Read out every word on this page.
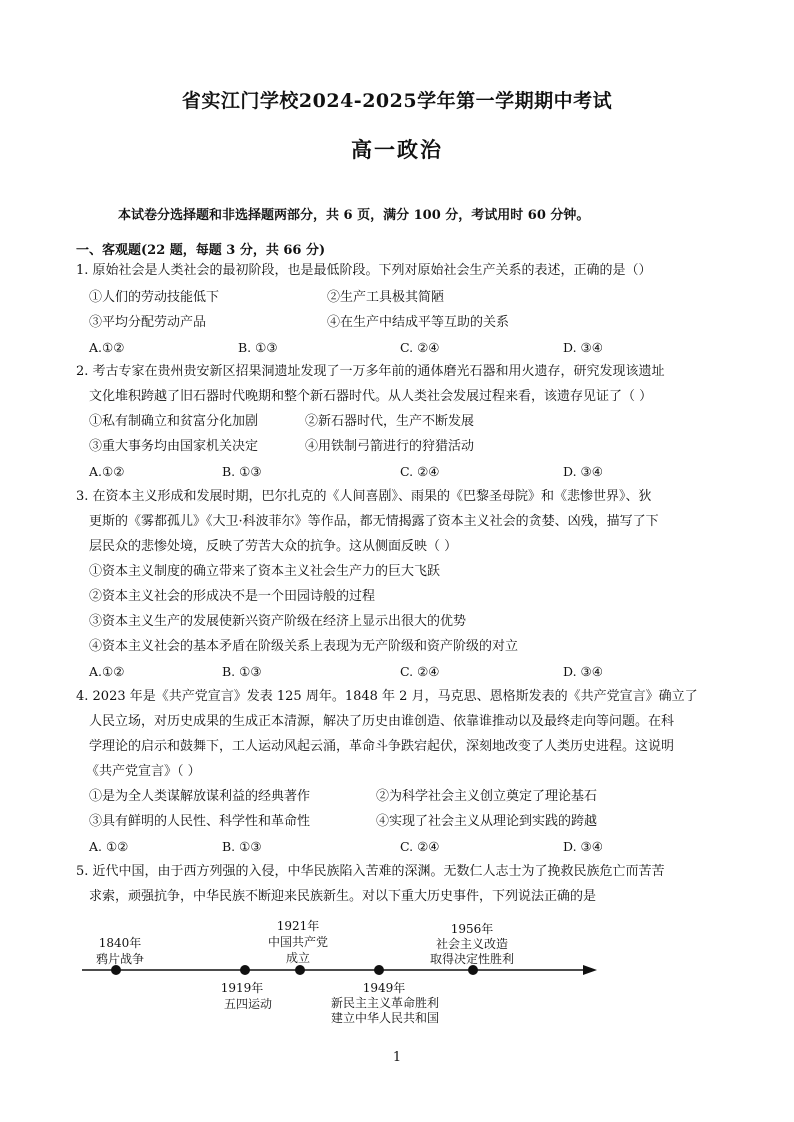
省实江门学校2024-2025学年第一学期期中考试
高一政治
本试卷分选择题和非选择题两部分，共 6 页，满分 100 分，考试用时 60 分钟。
一、客观题(22 题，每题 3 分，共 66 分)
1. 原始社会是人类社会的最初阶段，也是最低阶段。下列对原始社会生产关系的表述，正确的是（）
①人们的劳动技能低下	②生产工具极其简陋
③平均分配劳动产品	④在生产中结成平等互助的关系
A.①②	B. ①③	C. ②④	D. ③④
2. 考古专家在贵州贵安新区招果洞遗址发现了一万多年前的通体磨光石器和用火遗存，研究发现该遗址
文化堆积跨越了旧石器时代晚期和整个新石器时代。从人类社会发展过程来看，该遗存见证了（ ）
①私有制确立和贫富分化加剧	②新石器时代，生产不断发展
③重大事务均由国家机关决定	④用铁制弓箭进行的狩猎活动
A.①②	B. ①③	C. ②④	D. ③④
3. 在资本主义形成和发展时期，巴尔扎克的《人间喜剧》、雨果的《巴黎圣母院》和《悲惨世界》、狄
更斯的《雾都孤儿》《大卫·科波菲尔》等作品，都无情揭露了资本主义社会的贪婪、凶残，描写了下
层民众的悲惨处境，反映了劳苦大众的抗争。这从侧面反映（ ）
①资本主义制度的确立带来了资本主义社会生产力的巨大飞跃
②资本主义社会的形成决不是一个田园诗般的过程
③资本主义生产的发展使新兴资产阶级在经济上显示出很大的优势
④资本主义社会的基本矛盾在阶级关系上表现为无产阶级和资产阶级的对立
A.①②	B. ①③	C. ②④	D. ③④
4. 2023 年是《共产党宣言》发表 125 周年。1848 年 2 月，马克思、恩格斯发表的《共产党宣言》确立了
人民立场，对历史成果的生成正本清源，解决了历史由谁创造、依靠谁推动以及最终走向等问题。在科
学理论的启示和鼓舞下，工人运动风起云涌，革命斗争跌宕起伏，深刻地改变了人类历史进程。这说明
《共产党宣言》（ ）
①是为全人类谋解放谋利益的经典著作	②为科学社会主义创立奠定了理论基石
③具有鲜明的人民性、科学性和革命性	④实现了社会主义从理论到实践的跨越
A. ①②	B. ①③	C. ②④	D. ③④
5. 近代中国，由于西方列强的入侵，中华民族陷入苦难的深渊。无数仁人志士为了挽救民族危亡而苦苦
求索，顽强抗争，中华民族不断迎来民族新生。对以下重大历史事件，下列说法正确的是
1840年
鸦片战争
1919年
五四运动
1921年
中国共产党
成立
1949年
新民主主义革命胜利
建立中华人民共和国
1956年
社会主义改造
取得决定性胜利
1
